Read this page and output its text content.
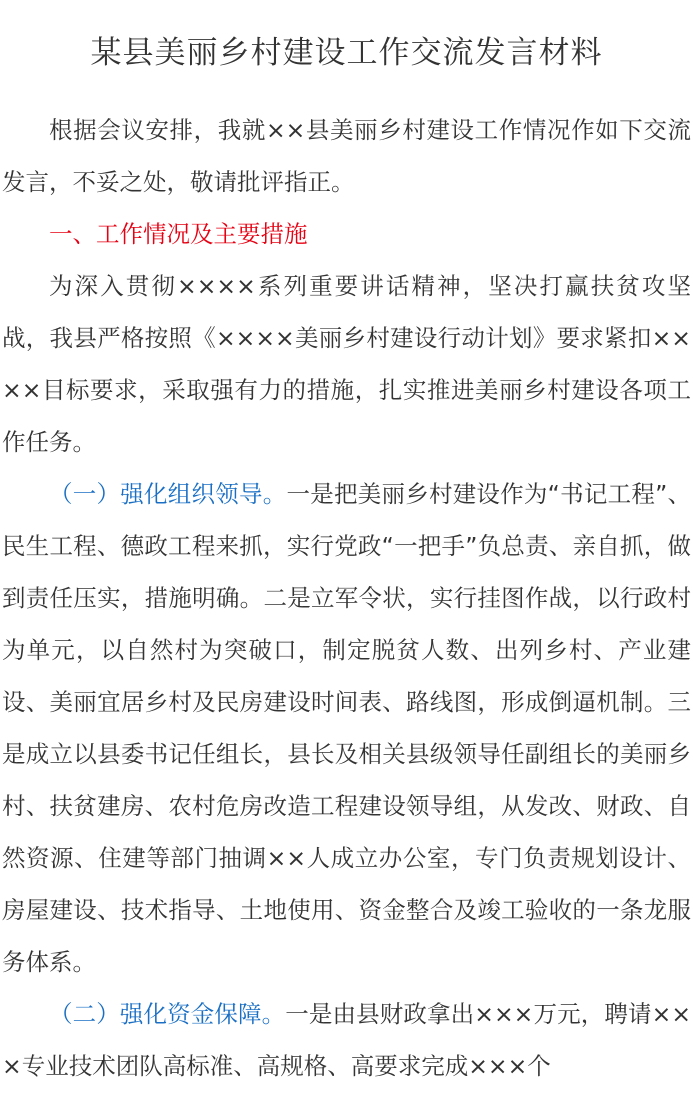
某县美丽乡村建设工作交流发言材料

根据会议安排，我就××县美丽乡村建设工作情况作如下交流发言，不妥之处，敬请批评指正。

一、工作情况及主要措施

为深入贯彻××××系列重要讲话精神，坚决打赢扶贫攻坚战，我县严格按照《××××美丽乡村建设行动计划》要求紧扣××××目标要求，采取强有力的措施，扎实推进美丽乡村建设各项工作任务。

（一）强化组织领导。一是把美丽乡村建设作为“书记工程”、民生工程、德政工程来抓，实行党政“一把手”负总责、亲自抓，做到责任压实，措施明确。二是立军令状，实行挂图作战，以行政村为单元，以自然村为突破口，制定脱贫人数、出列乡村、产业建设、美丽宜居乡村及民房建设时间表、路线图，形成倒逼机制。三是成立以县委书记任组长，县长及相关县级领导任副组长的美丽乡村、扶贫建房、农村危房改造工程建设领导组，从发改、财政、自然资源、住建等部门抽调××人成立办公室，专门负责规划设计、房屋建设、技术指导、土地使用、资金整合及竣工验收的一条龙服务体系。

（二）强化资金保障。一是由县财政拿出×××万元，聘请×××专业技术团队高标准、高规格、高要求完成×××个
